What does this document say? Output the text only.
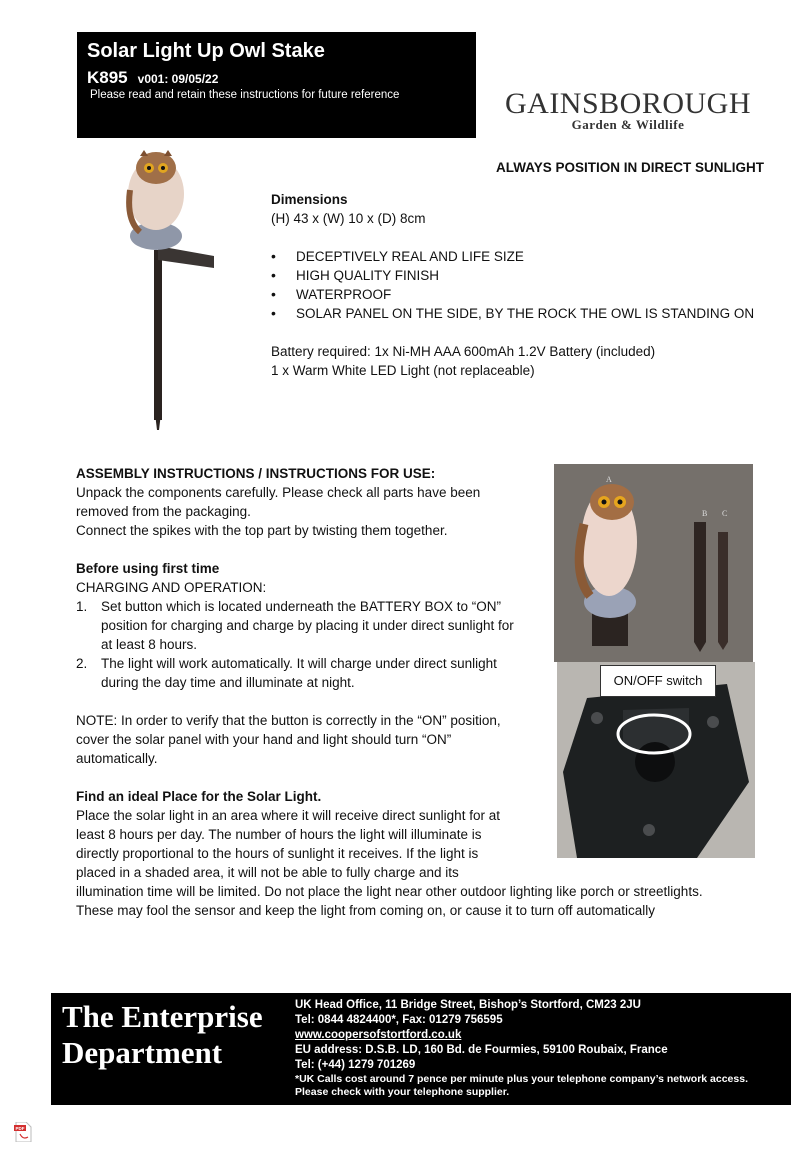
Solar Light Up Owl Stake
K895 v001: 09/05/22
Please read and retain these instructions for future reference	GAINSBOROUGH
Garden & Wildlife
ALWAYS POSITION IN DIRECT SUNLIGHT
Dimensions
(H) 43 x (W) 10 x (D) 8cm
• DECEPTIVELY REAL AND LIFE SIZE
• HIGH QUALITY FINISH
• WATERPROOF
• SOLAR PANEL ON THE SIDE, BY THE ROCK THE OWL IS STANDING ON
Battery required: 1x Ni-MH AAA 600mAh 1.2V Battery (included)
1 x Warm White LED Light (not replaceable)
ASSEMBLY INSTRUCTIONS / INSTRUCTIONS FOR USE:
Unpack the components carefully. Please check all parts have been
removed from the packaging.
Connect the spikes with the top part by twisting them together.
Before using first time
CHARGING AND OPERATION:
1. Set button which is located underneath the BATTERY BOX to “ON”
position for charging and charge by placing it under direct sunlight for
at least 8 hours.
2. The light will work automatically. It will charge under direct sunlight
during the day time and illuminate at night.
NOTE: In order to verify that the button is correctly in the “ON” position,
cover the solar panel with your hand and light should turn “ON”
automatically.
Find an ideal Place for the Solar Light.
Place the solar light in an area where it will receive direct sunlight for at
least 8 hours per day. The number of hours the light will illuminate is
directly proportional to the hours of sunlight it receives. If the light is
placed in a shaded area, it will not be able to fully charge and its
illumination time will be limited. Do not place the light near other outdoor lighting like porch or streetlights.
These may fool the sensor and keep the light from coming on, or cause it to turn off automatically
A
B C
ON/OFF switch
The Enterprise
Department
UK Head Office, 11 Bridge Street, Bishop’s Stortford, CM23 2JU
Tel: 0844 4824400*, Fax: 01279 756595
www.coopersofstortford.co.uk
EU address: D.S.B. LD, 160 Bd. de Fourmies, 59100 Roubaix, France
Tel: (+44) 1279 701269
*UK Calls cost around 7 pence per minute plus your telephone company’s network access.
Please check with your telephone supplier.
PDF
